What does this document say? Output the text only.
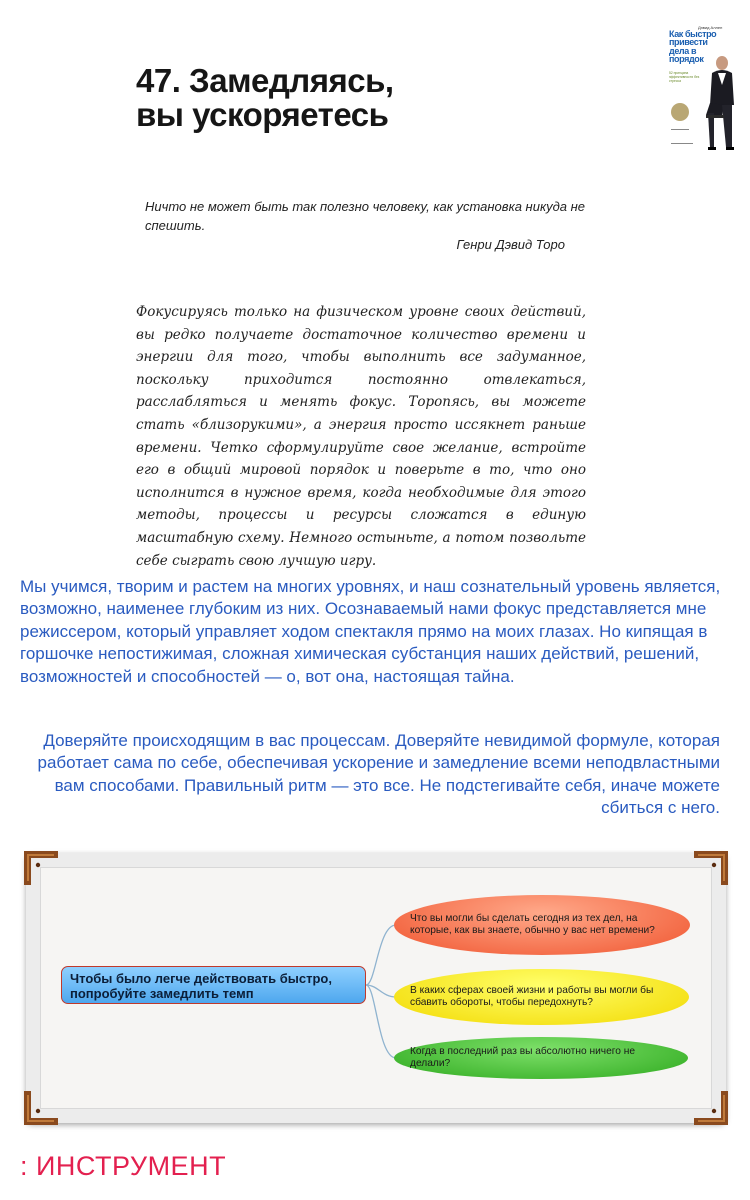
Дэвид Аллен
Как быстро привести дела в порядок
52 принципа эффективности без стресса
47. Замедляясь,
вы ускоряетесь
Ничто не может быть так полезно человеку, как установка никуда не спешить.
Генри Дэвид Торо
Фокусируясь только на физическом уровне своих действий, вы редко получаете достаточное количество времени и энергии для того, чтобы выполнить все задуманное, поскольку приходится постоянно отвлекаться, расслабляться и менять фокус. Торопясь, вы можете стать «близорукими», а энергия просто иссякнет раньше времени. Четко сформулируйте свое желание, встройте его в общий мировой порядок и поверьте в то, что оно исполнится в нужное время, когда необходимые для этого методы, процессы и ресурсы сложатся в единую масштабную схему. Немного остыньте, а потом позвольте себе сыграть свою лучшую игру.
Мы учимся, творим и растем на многих уровнях, и наш сознательный уровень является, возможно, наименее глубоким из них. Осознаваемый нами фокус представляется мне режиссером, который управляет ходом спектакля прямо на моих глазах. Но кипящая в горшочке непостижимая, сложная химическая субстанция наших действий, решений, возможностей и способностей — о, вот она, настоящая тайна.
Доверяйте происходящим в вас процессам. Доверяйте невидимой формуле, которая работает сама по себе, обеспечивая ускорение и замедление всеми неподвластными вам способами. Правильный ритм — это все. Не подстегивайте себя, иначе можете сбиться с него.
Чтобы было легче действовать быстро, попробуйте замедлить темп
Что вы могли бы сделать сегодня из тех дел, на которые, как вы знаете, обычно у вас нет времени?
В каких сферах своей жизни и работы вы могли бы сбавить обороты, чтобы передохнуть?
Когда в последний раз вы абсолютно ничего не делали?
: ИНСТРУМЕНТ
